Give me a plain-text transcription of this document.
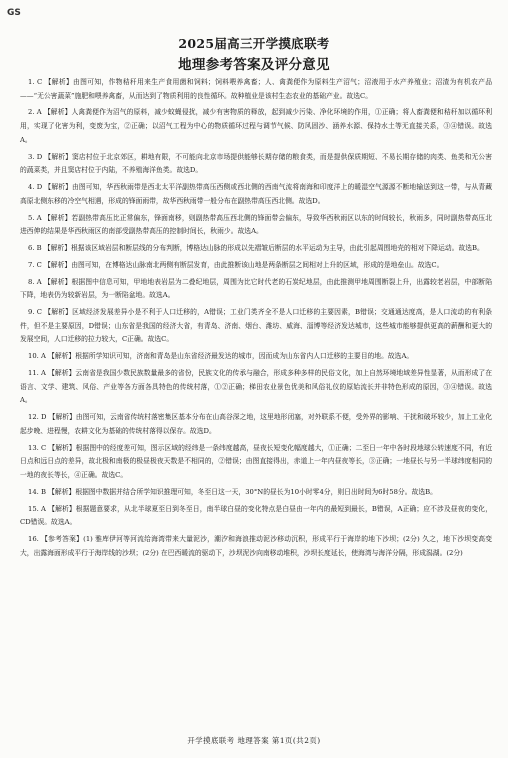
GS
2025届高三开学摸底联考
地理参考答案及评分意见

1. C 【解析】由图可知，作物秸秆用来生产食用菌和饲料；饲料喂养禽畜；人、禽粪便作为原料生产沼气；沼液用于水产养殖业；沼渣为有机农产品——“无公害蔬菜”施肥和喂养禽畜，从而达到了物质利用的良性循环。故种植业是该村生态农业的基础产业。故选C。

2. A 【解析】人禽粪便作为沼气的原料，减少蚊蝇侵扰，减少有害物质的释放，起到减少污染、净化环境的作用，①正确；将人畜粪便和秸秆加以循环利用，实现了化害为利，变废为宝，②正确；以沼气工程为中心的物质循环过程与调节气候、防风固沙、涵养水源、保持水土等无直接关系，③④错误。故选A。

3. D 【解析】窦店村位于北京郊区，耕地有限，不可能向北京市场提供能够长期存储的粮食类，而是提供保质期短、不易长期存储的肉类、鱼类和无公害的蔬菜类，并且窦店村位于内陆，不养殖海洋鱼类。故选D。

4. D 【解析】由图可知，华西秋雨带是西北太平洋副热带高压西侧或西北侧的西南气流将南海和印度洋上的暖湿空气源源不断地输送到这一带，与从青藏高原北侧东移的冷空气相遇，形成的锋面雨带，故华西秋雨带一般分布在副热带高压西北侧。故选D。

5. A 【解析】若副热带高压比正常偏东，锋面南移，则副热带高压西北侧的锋面带会偏东，导致华西秋雨区以东的时间较长，秋雨多，同时副热带高压北进西伸的结果是华西秋雨区的南部受副热带高压的控制时间长，秋雨少。故选A。

6. B 【解析】根据该区域岩层和断层线的分布判断，博格达山脉的形成以先褶皱后断层的水平运动为主导，由此引起周围地壳的相对下降运动。故选B。

7. C 【解析】由图可知，在博格达山脉南北两侧有断层发育，由此推断该山地是两条断层之间相对上升的区域，形成的是地垒山。故选C。

8. A 【解析】根据图中信息可知，甲地地表岩层为二叠纪地层，周围为比它时代老的石炭纪地层，由此推测甲地周围断裂上升，出露较老岩层，中部断陷下降，地表仍为较新岩层，为一断陷盆地。故选A。

9. C 【解析】区域经济发展差异小是不利于人口迁移的，A错误；工业门类齐全不是人口迁移的主要因素，B错误；交通通达度高，是人口流动的有利条件，但不是主要原因，D错误；山东省是我国的经济大省，有青岛、济南、烟台、潍坊、威海、淄博等经济发达城市，这些城市能够提供更高的薪酬和更大的发展空间，人口迁移的拉力较大，C正确。故选C。

10. A 【解析】根据所学知识可知，济南和青岛是山东省经济最发达的城市，因而成为山东省内人口迁移的主要目的地。故选A。

11. A 【解析】云南省是我国少数民族数量最多的省份，民族文化的传承与融合，形成多种多样的民俗文化，加上自然环境地域差异性显著，从而形成了在语言、文学、建筑、风俗、产业等各方面各具特色的传统村落，①②正确；梯田农业景色优美和风俗礼仪的原始流长并非特色形成的原因，③④错误。故选A。

12. D 【解析】由图可知，云南省传统村落密集区基本分布在山高谷深之地，这里地形闭塞，对外联系不便，受外界的影响、干扰和破坏较少，加上工业化起步晚、进程慢，农耕文化为基础的传统村落得以保存。故选D。

13. C 【解析】根据图中的经度差可知，图示区域的经纬是一条纬度越高，昼夜长短变化幅度越大，①正确；二至日一年中各时段地球公转速度不同，有近日点和远日点的差异，故北极和南极的极昼极夜天数是不相同的，②错误；由图直接得出，赤道上一年内昼夜等长，③正确；一地昼长与另一半球纬度相同的一地的夜长等长，④正确。故选C。

14. B 【解析】根据图中数据并结合所学知识推理可知，冬至日这一天，30°N的昼长为10小时零4分，则日出时间为6时58分。故选B。

15. A 【解析】根据题意要求，从北半球夏至日到冬至日，南半球白昼的变化特点是白昼由一年内的最短到最长，B错误，A正确；应不涉及昼夜的变化，CD错误。故选A。

16. 【参考答案】(1) 雅库伊河等河流给海湾带来大量泥沙，潮汐和海浪推动泥沙移动沉积，形成平行于海岸的地下沙坝；(2分) 久之，地下沙坝变高变大，出露海面形成平行于海岸线的沙坝；(2分) 在巴西暖流的驱动下，沙坝泥沙向南移动堆积，沙坝长度延长，使海湾与海洋分隔，形成潟湖。(2分)

开学摸底联考 地理答案 第1页(共2页)
